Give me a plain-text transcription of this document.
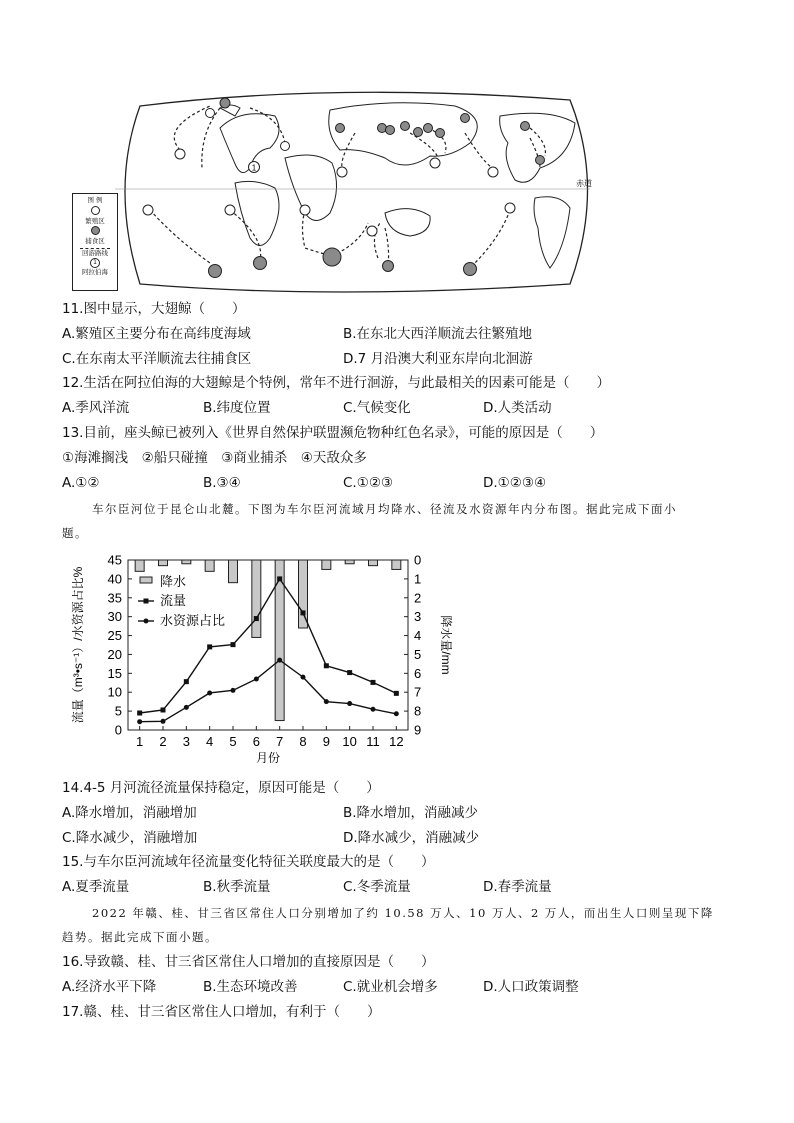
1
赤道
图 例
繁殖区
捕食区
回游路线
1
阿拉伯海
11.图中显示，大翅鲸（　　）
A.繁殖区主要分布在高纬度海域	B.在东北大西洋顺流去往繁殖地
C.在东南太平洋顺流去往捕食区	D.7 月沿澳大利亚东岸向北洄游
12.生活在阿拉伯海的大翅鲸是个特例，常年不进行洄游，与此最相关的因素可能是（　　）
A.季风洋流	B.纬度位置	C.气候变化	D.人类活动
13.目前，座头鲸已被列入《世界自然保护联盟濒危物种红色名录》，可能的原因是（　　）
①海滩搁浅　②船只碰撞　③商业捕杀　④天敌众多
A.①②	B.③④	C.①②③	D.①②③④
车尔臣河位于昆仑山北麓。下图为车尔臣河流域月均降水、径流及水资源年内分布图。据此完成下面小
题。
0
5
10
15
20
25
30
35
40
45	0
1
2
3
4
5
6
7
8
9
1 2 3 4 5 6 7 8 9 10 11 12
月份
流量（m³•s⁻¹）/水资源占比%	降水量/mm
降水
流量
水资源占比
14.4-5 月河流径流量保持稳定，原因可能是（　　）
A.降水增加，消融增加	B.降水增加，消融减少
C.降水减少，消融增加	D.降水减少，消融减少
15.与车尔臣河流域年径流量变化特征关联度最大的是（　　）
A.夏季流量	B.秋季流量	C.冬季流量	D.春季流量
2022 年赣、桂、甘三省区常住人口分别增加了约 10.58 万人、10 万人、2 万人，而出生人口则呈现下降
趋势。据此完成下面小题。
16.导致赣、桂、甘三省区常住人口增加的直接原因是（　　）
A.经济水平下降	B.生态环境改善	C.就业机会增多	D.人口政策调整
17.赣、桂、甘三省区常住人口增加，有利于（　　）
